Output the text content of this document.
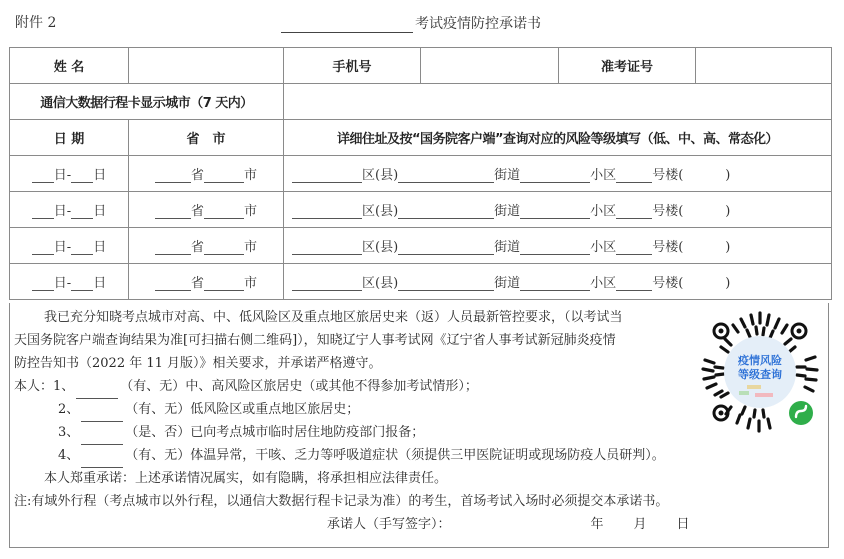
附件 2	考试疫情防控承诺书
姓 名		手机号		准考证号	
通信大数据行程卡显示城市（7 天内）					
日 期	省　市	详细住址及按“国务院客户端”查询对应的风险等级填写（低、中、高、常态化）			
日- 日	省 市	区(县) 街道 小区 号楼( )			
日- 日	省 市	区(县) 街道 小区 号楼( )			
日- 日	省 市	区(县) 街道 小区 号楼( )			
日- 日	省 市	区(县) 街道 小区 号楼( )			
我已充分知晓考点城市对高、中、低风险区及重点地区旅居史来（返）人员最新管控要求，（以考试当
天国务院客户端查询结果为准[可扫描右侧二维码]），知晓辽宁人事考试网《辽宁省人事考试新冠肺炎疫情
防控告知书（2022 年 11 月版）》相关要求，并承诺严格遵守。
本人：1、	（有、无）中、高风险区旅居史（或其他不得参加考试情形）；
2、	（有、无）低风险区或重点地区旅居史；
3、	（是、否）已向考点城市临时居住地防疫部门报备；
4、	（有、无）体温异常，干咳、乏力等呼吸道症状（须提供三甲医院证明或现场防疫人员研判）。
本人郑重承诺：上述承诺情况属实，如有隐瞒，将承担相应法律责任。
注:有域外行程（考点城市以外行程，以通信大数据行程卡记录为准）的考生，首场考试入场时必须提交本承诺书。
承诺人（手写签字）：	年 月 日
疫情风险
等级查询
